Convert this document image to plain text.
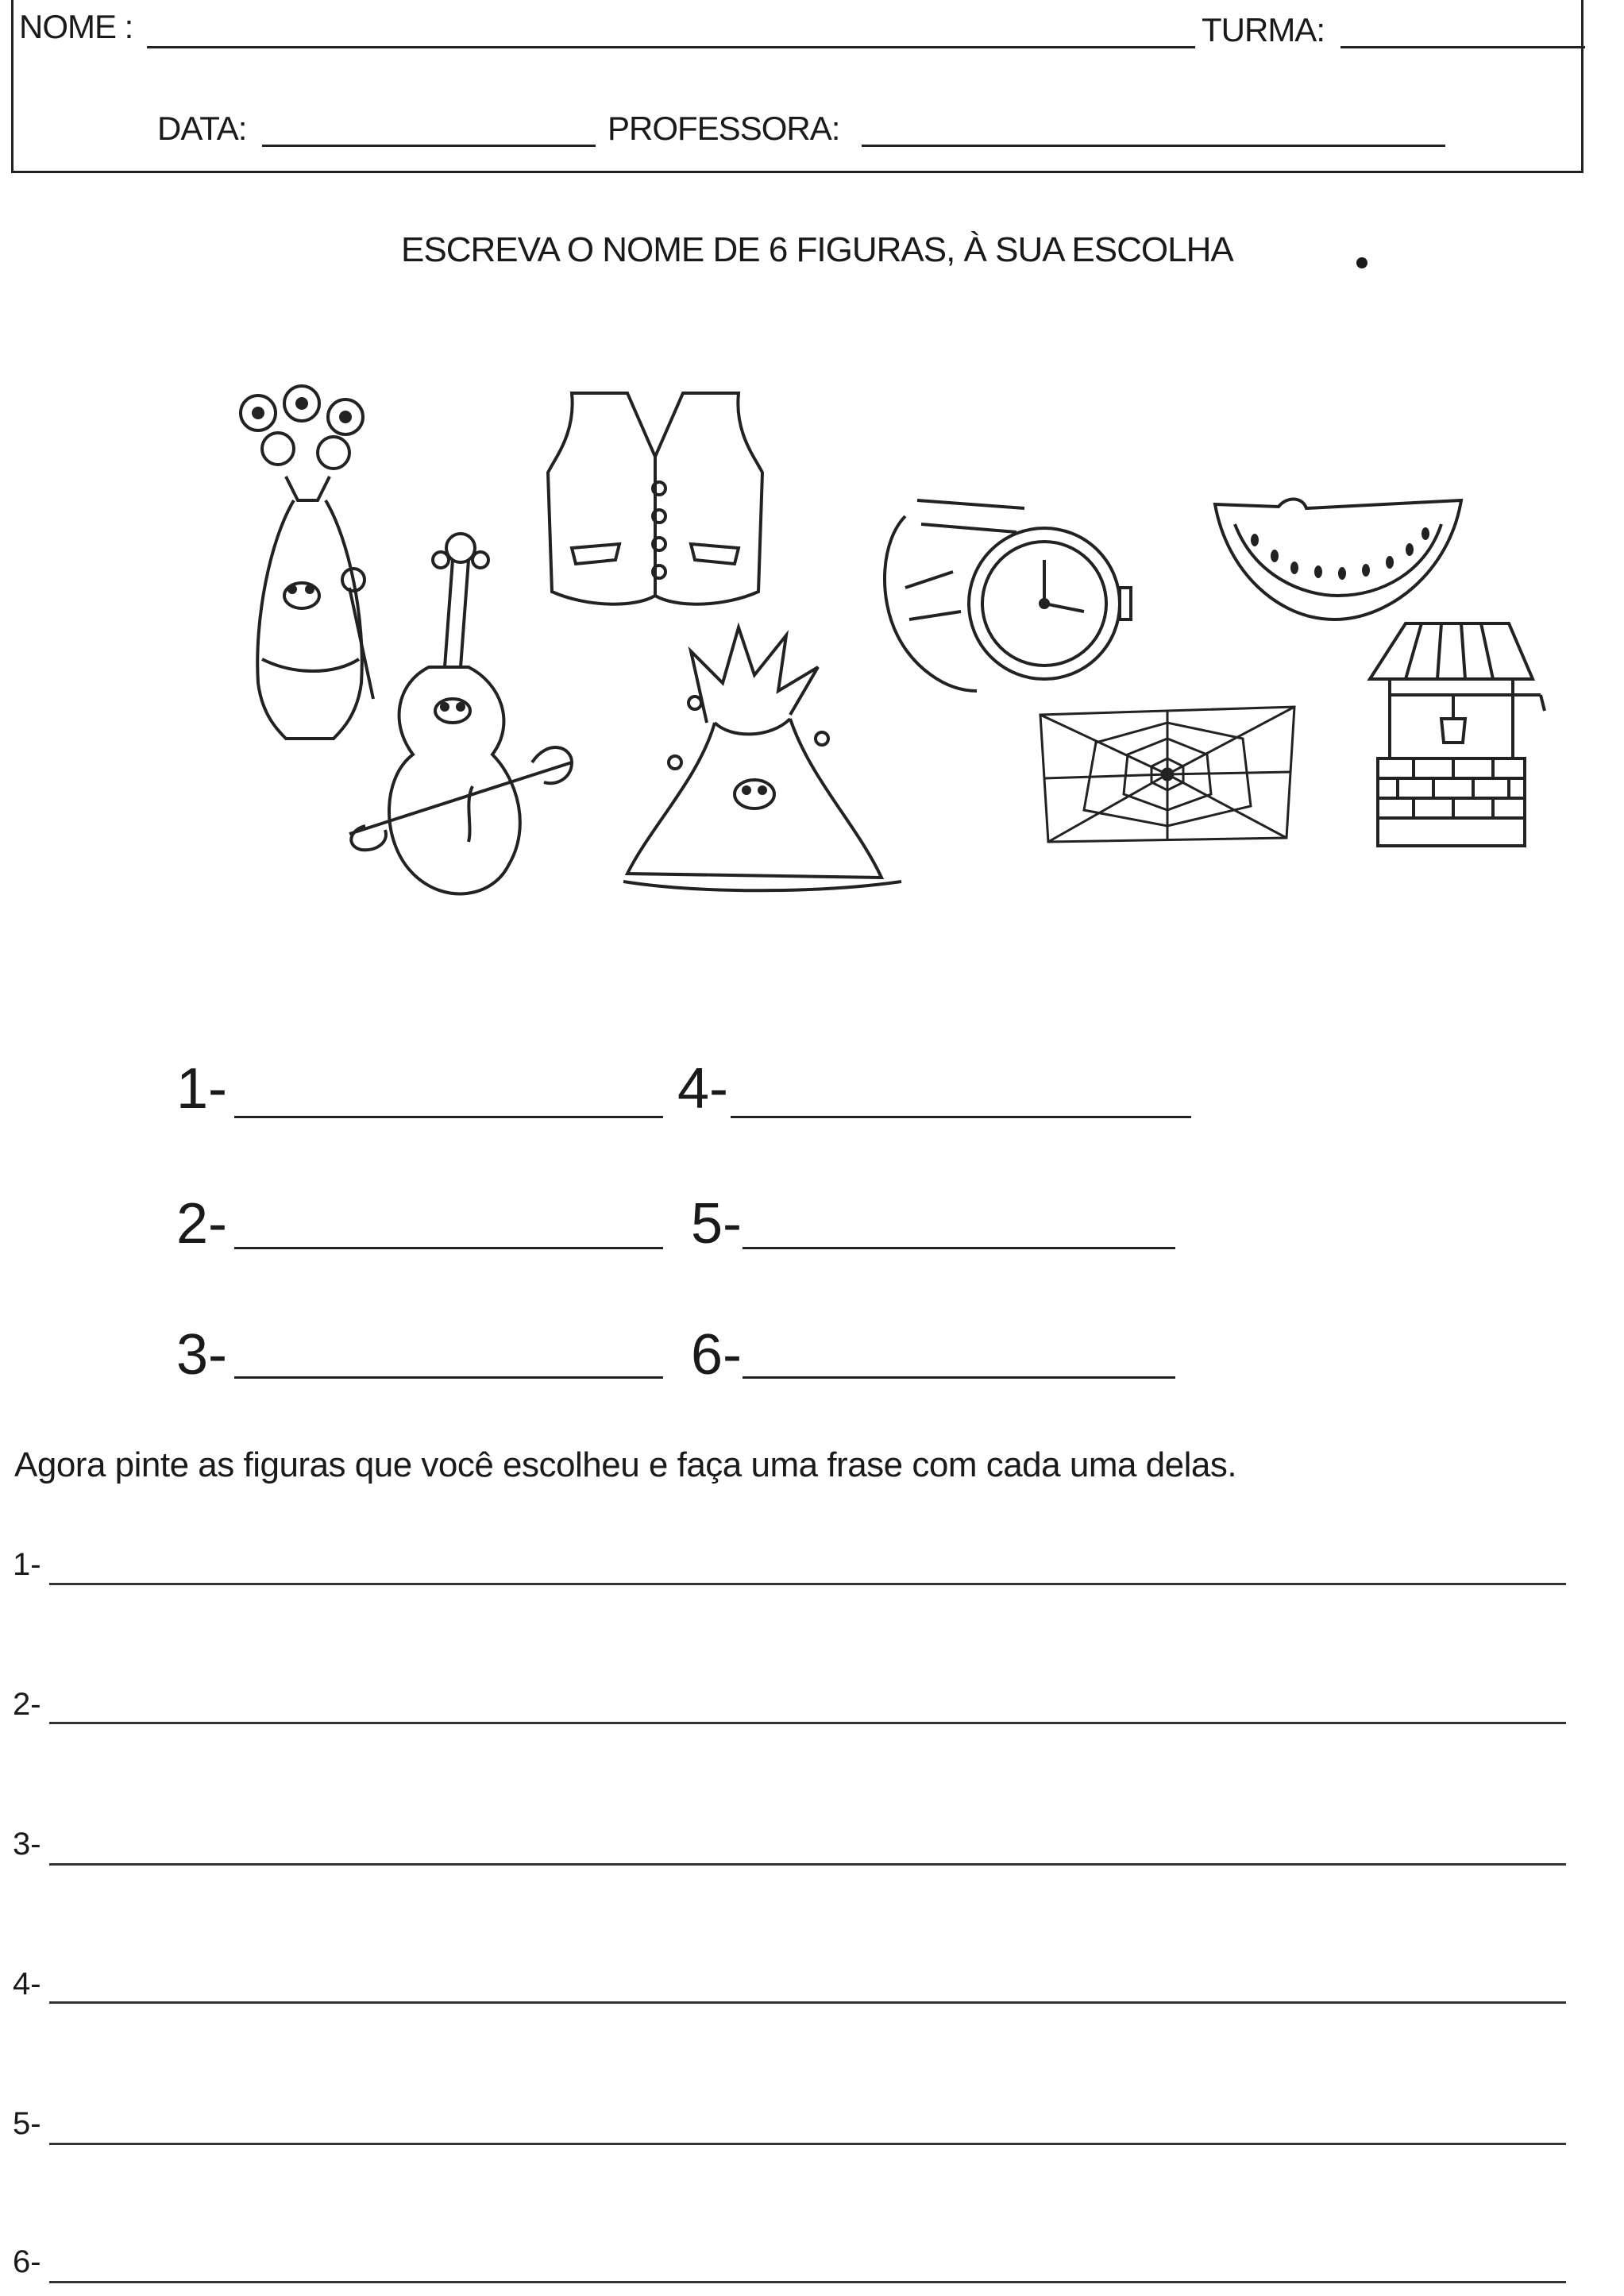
NOME :	TURMA:
DATA:	PROFESSORA:
ESCREVA O NOME DE 6 FIGURAS, À SUA ESCOLHA
1-	4-
2-	5-
3-	6-
Agora pinte as figuras que você escolheu e faça uma frase com cada uma delas.
1-
2-
3-
4-
5-
6-
